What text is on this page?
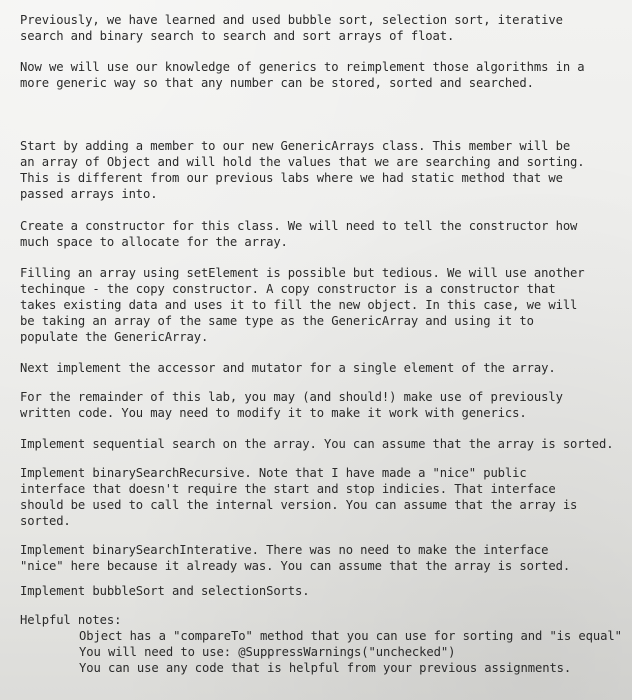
Previously, we have learned and used bubble sort, selection sort, iterative
search and binary search to search and sort arrays of float.

Now we will use our knowledge of generics to reimplement those algorithms in a
more generic way so that any number can be stored, sorted and searched.

Start by adding a member to our new GenericArrays class. This member will be
an array of Object and will hold the values that we are searching and sorting.
This is different from our previous labs where we had static method that we
passed arrays into.

Create a constructor for this class. We will need to tell the constructor how
much space to allocate for the array.

Filling an array using setElement is possible but tedious. We will use another
techinque - the copy constructor. A copy constructor is a constructor that
takes existing data and uses it to fill the new object. In this case, we will
be taking an array of the same type as the GenericArray and using it to
populate the GenericArray.

Next implement the accessor and mutator for a single element of the array.

For the remainder of this lab, you may (and should!) make use of previously
written code. You may need to modify it to make it work with generics.

Implement sequential search on the array. You can assume that the array is sorted.

Implement binarySearchRecursive. Note that I have made a "nice" public
interface that doesn't require the start and stop indicies. That interface
should be used to call the internal version. You can assume that the array is
sorted.

Implement binarySearchInterative. There was no need to make the interface
"nice" here because it already was. You can assume that the array is sorted.

Implement bubbleSort and selectionSorts.

Helpful notes:
Object has a "compareTo" method that you can use for sorting and "is equal"
You will need to use: @SuppressWarnings("unchecked")
You can use any code that is helpful from your previous assignments.
